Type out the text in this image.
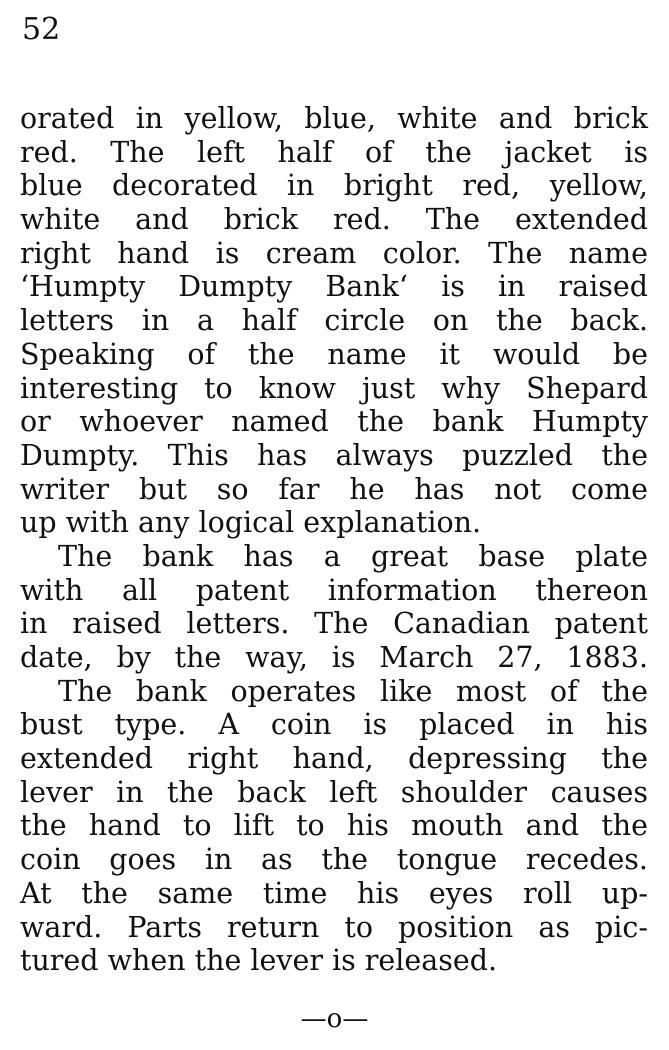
52
orated in yellow, blue, white and brick
red. The left half of the jacket is
blue decorated in bright red, yellow,
white and brick red. The extended
right hand is cream color. The name
‘Humpty Dumpty Bank‘ is in raised
letters in a half circle on the back.
Speaking of the name it would be
interesting to know just why Shepard
or whoever named the bank Humpty
Dumpty. This has always puzzled the
writer but so far he has not come
up with any logical explanation.
The bank has a great base plate
with all patent information thereon
in raised letters. The Canadian patent
date, by the way, is March 27, 1883.
The bank operates like most of the
bust type. A coin is placed in his
extended right hand, depressing the
lever in the back left shoulder causes
the hand to lift to his mouth and the
coin goes in as the tongue recedes.
At the same time his eyes roll up-
ward. Parts return to position as pic-
tured when the lever is released.
—o—
